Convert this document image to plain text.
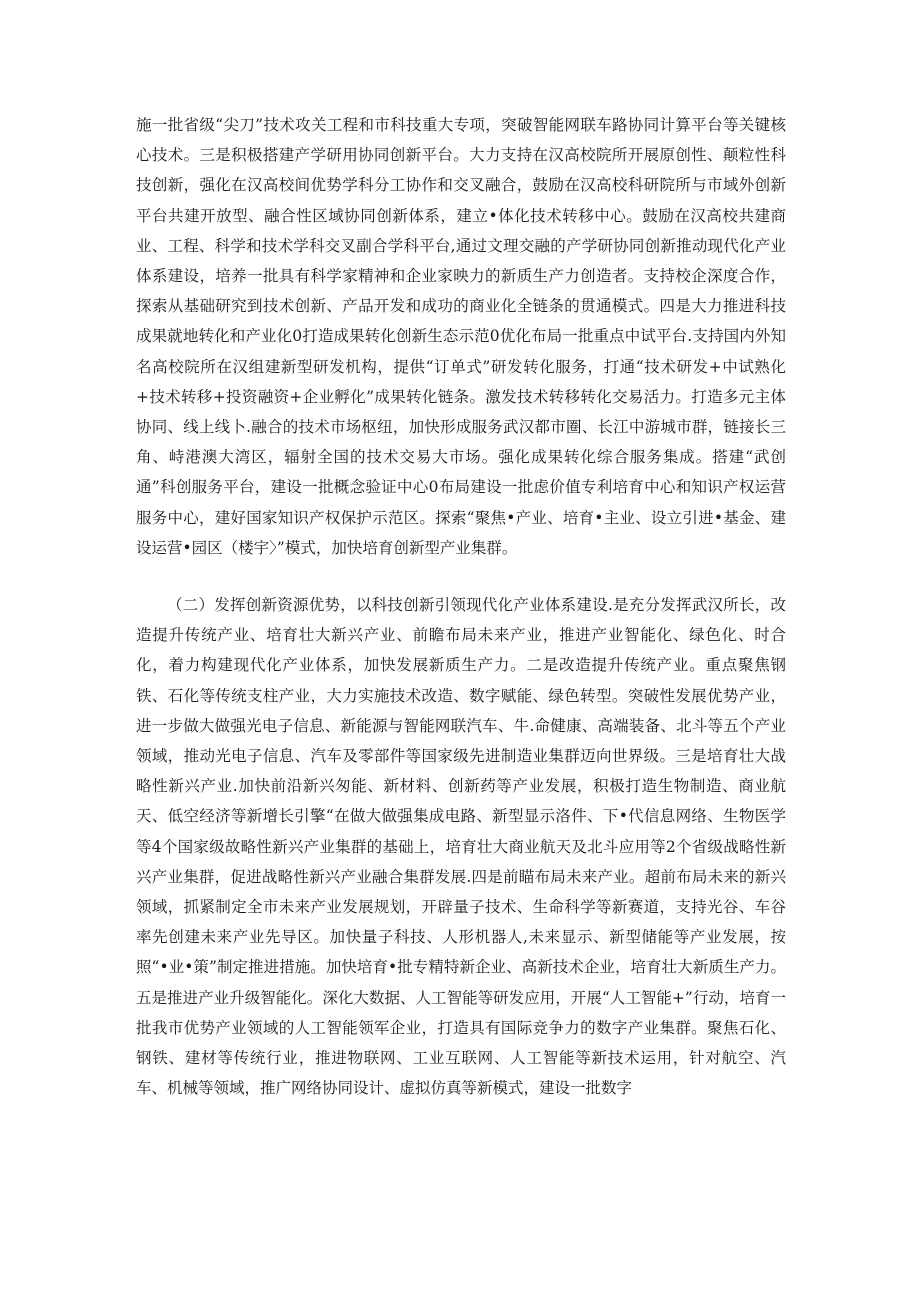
施一批省级“尖刀”技术攻关工程和市科技重大专项，突破智能网联车路协同计算平台等关键核心技术。三是积极搭建产学研用协同创新平台。大力支持在汉高校院所开展原创性、颠粒性科技创新，强化在汉高校间优势学科分工协作和交叉融合，鼓励在汉高校科研院所与市域外创新平台共建开放型、融合性区域协同创新体系，建立•体化技术转移中心。鼓励在汉高校共建商业、工程、科学和技术学科交叉副合学科平台,通过文理交融的产学研协同创新推动现代化产业体系建设，培养一批具有科学家精神和企业家映力的新质生产力创造者。支持校企深度合作，探索从基础研究到技术创新、产品开发和成功的商业化全链条的贯通模式。四是大力推进科技成果就地转化和产业化0打造成果转化创新生态示范0优化布局一批重点中试平台.支持国内外知名高校院所在汉组建新型研发机构，提供“订单式”研发转化服务，打通“技术研发+中试熟化+技术转移+投资融资+企业孵化”成果转化链条。激发技术转移转化交易活力。打造多元主体协同、线上线卜.融合的技术市场枢纽，加快形成服务武汉都市圈、长江中游城市群，链接长三角、峙港澳大湾区，辐射全国的技术交易大市场。强化成果转化综合服务集成。搭建“武创通”科创服务平台，建设一批概念验证中心0布局建设一批虑价值专利培育中心和知识产权运营服务中心，建好国家知识产权保护示范区。探索“聚焦•产业、培育•主业、设立引进•基金、建设运营•园区（楼宇〉”模式，加快培育创新型产业集群。

（二）发挥创新资源优势，以科技创新引领现代化产业体系建设.是充分发挥武汉所长，改造提升传统产业、培育壮大新兴产业、前瞻布局未来产业，推进产业智能化、绿色化、时合化，着力构建现代化产业体系，加快发展新质生产力。二是改造提升传统产业。重点聚焦钢铁、石化等传统支柱产业，大力实施技术改造、数字赋能、绿色转型。突破性发展优势产业，进一步做大做强光电子信息、新能源与智能网联汽车、牛.命健康、高端装备、北斗等五个产业领域，推动光电子信息、汽车及零部件等国家级先进制造业集群迈向世界级。三是培育壮大战略性新兴产业.加快前沿新兴匆能、新材料、创新药等产业发展，积极打造生物制造、商业航天、低空经济等新增长引擎“在做大做强集成电路、新型显示洛件、下•代信息网络、生物医学等4个国家级故略性新兴产业集群的基础上，培育壮大商业航天及北斗应用等2个省级战略性新兴产业集群，促进战略性新兴产业融合集群发展.四是前瞄布局未来产业。超前布局未来的新兴领域，抓紧制定全市未来产业发展规划，开辟量子技术、生命科学等新赛道，支持光谷、车谷率先创建未来产业先导区。加快量子科技、人形机器人,未来显示、新型储能等产业发展，按照“•业•策”制定推进措施。加快培育•批专精特新企业、高新技术企业，培育壮大新质生产力。五是推进产业升级智能化。深化大数据、人工智能等研发应用，开展“人工智能+”行动，培育一批我市优势产业领域的人工智能领军企业，打造具有国际竞争力的数字产业集群。聚焦石化、钢铁、建材等传统行业，推进物联网、工业互联网、人工智能等新技术运用，针对航空、汽车、机械等领域，推广网络协同设计、虚拟仿真等新模式，建设一批数字
